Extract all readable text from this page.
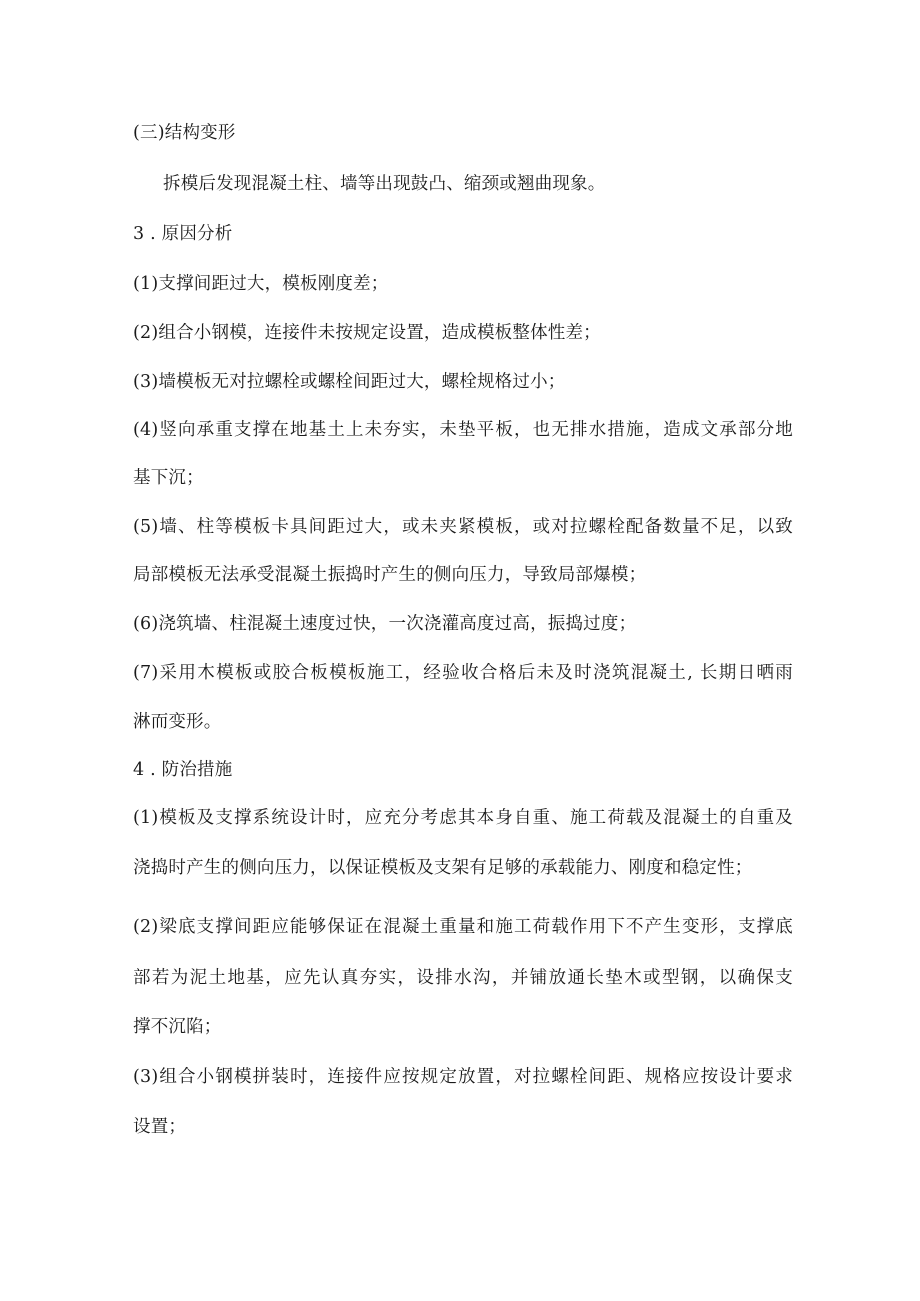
(三)结构变形
拆模后发现混凝土柱、墙等出现鼓凸、缩颈或翘曲现象。
3 . 原因分析
(1)支撑间距过大，模板刚度差；
(2)组合小钢模，连接件未按规定设置，造成模板整体性差；
(3)墙模板无对拉螺栓或螺栓间距过大，螺栓规格过小；
(4)竖向承重支撑在地基土上未夯实，未垫平板，也无排水措施，造成文承部分地
基下沉；
(5)墙、柱等模板卡具间距过大，或未夹紧模板，或对拉螺栓配备数量不足，以致
局部模板无法承受混凝土振捣时产生的侧向压力，导致局部爆模；
(6)浇筑墙、柱混凝土速度过快，一次浇灌高度过高，振捣过度；
(7)采用木模板或胶合板模板施工，经验收合格后未及时浇筑混凝土, 长期日晒雨
淋而变形。
4 . 防治措施
(1)模板及支撑系统设计时，应充分考虑其本身自重、施工荷载及混凝土的自重及
浇捣时产生的侧向压力，以保证模板及支架有足够的承载能力、刚度和稳定性；
(2)梁底支撑间距应能够保证在混凝土重量和施工荷载作用下不产生变形，支撑底
部若为泥土地基，应先认真夯实，设排水沟，并铺放通长垫木或型钢，以确保支
撑不沉陷；
(3)组合小钢模拼装时，连接件应按规定放置，对拉螺栓间距、规格应按设计要求
设置；
